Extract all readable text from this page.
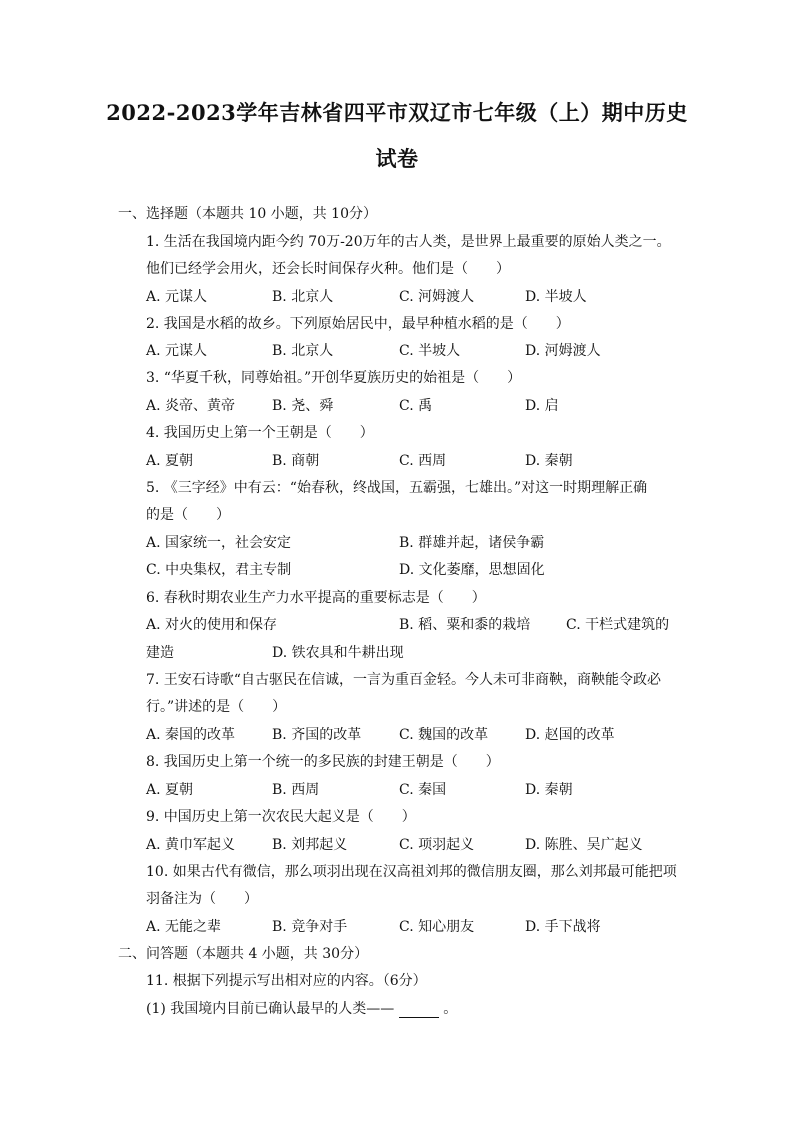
2022-2023学年吉林省四平市双辽市七年级（上）期中历史
试卷
一、选择题（本题共 10 小题，共 10分）
1. 生活在我国境内距今约 70万-20万年的古人类，是世界上最重要的原始人类之一。
他们已经学会用火，还会长时间保存火种。他们是（　　）
A. 元谋人	B. 北京人	C. 河姆渡人	D. 半坡人
2. 我国是水稻的故乡。下列原始居民中，最早种植水稻的是（　　）
A. 元谋人	B. 北京人	C. 半坡人	D. 河姆渡人
3. “华夏千秋，同尊始祖。”开创华夏族历史的始祖是（　　）
A. 炎帝、黄帝	B. 尧、舜	C. 禹	D. 启
4. 我国历史上第一个王朝是（　　）
A. 夏朝	B. 商朝	C. 西周	D. 秦朝
5. 《三字经》中有云：“始春秋，终战国，五霸强，七雄出。”对这一时期理解正确
的是（　　）
A. 国家统一，社会安定	B. 群雄并起，诸侯争霸
C. 中央集权，君主专制	D. 文化萎靡，思想固化
6. 春秋时期农业生产力水平提高的重要标志是（　　）
A. 对火的使用和保存	B. 稻、粟和黍的栽培	C. 干栏式建筑的
建造	D. 铁农具和牛耕出现
7. 王安石诗歌“自古驱民在信诚，一言为重百金轻。今人未可非商鞅，商鞅能令政必
行。”讲述的是（　　）
A. 秦国的改革	B. 齐国的改革	C. 魏国的改革	D. 赵国的改革
8. 我国历史上第一个统一的多民族的封建王朝是（　　）
A. 夏朝	B. 西周	C. 秦国	D. 秦朝
9. 中国历史上第一次农民大起义是（　　）
A. 黄巾军起义	B. 刘邦起义	C. 项羽起义	D. 陈胜、吴广起义
10. 如果古代有微信，那么项羽出现在汉高祖刘邦的微信朋友圈，那么刘邦最可能把项
羽备注为（　　）
A. 无能之辈	B. 竞争对手	C. 知心朋友	D. 手下战将
二、问答题（本题共 4 小题，共 30分）
11. 根据下列提示写出相对应的内容。（6分）
(1) 我国境内目前已确认最早的人类——	。
